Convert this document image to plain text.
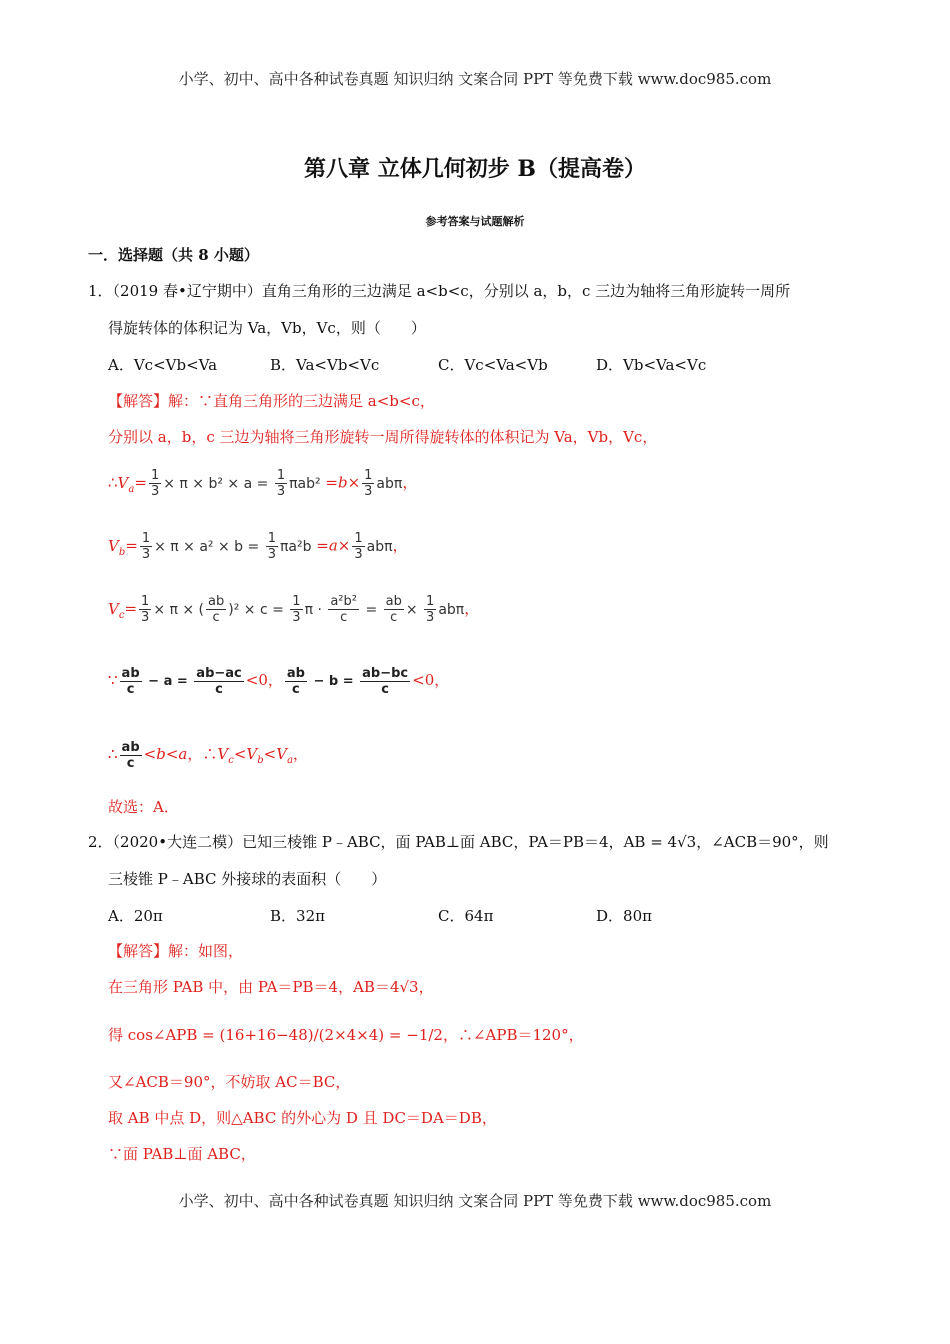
小学、初中、高中各种试卷真题 知识归纳 文案合同 PPT 等免费下载 www.doc985.com
第八章 立体几何初步 B（提高卷）
参考答案与试题解析
一．选择题（共 8 小题）
1．（2019 春•辽宁期中）直角三角形的三边满足 a<b<c，分别以 a，b，c 三边为轴将三角形旋转一周所
得旋转体的体积记为 Va，Vb，Vc，则（　　）
A．Vc<Vb<Va	B．Va<Vb<Vc	C．Vc<Va<Vb	D．Vb<Va<Vc
【解答】解：∵直角三角形的三边满足 a<b<c，
分别以 a，b，c 三边为轴将三角形旋转一周所得旋转体的体积记为 Va，Vb，Vc，
$\therefore V_a= \frac{1}{3} \times \pi \times b^2 \times a = \frac{1}{3} \pi ab^2 =b\times \frac{1}{3}$ abπ，
$V_b= \frac{1}{3} \times \pi \times a^2 \times b = \frac{1}{3} \pi a^2b =a\times \frac{1}{3}$ abπ，
$V_c= \frac{1}{3} \times \pi$ × ( $\frac{ab}{c} )^2 \times c = \frac{1}{3}$ $\pi \cdot \frac{\text{a²b²}}{c} = \frac{ab}{c} \times \frac{1}{3}$ abπ，
∵ $\frac{ab}{c} - a = \frac{ab-ac}{c} <0$， $\frac{ab}{c} - b = \frac{ab-bc}{c} <0$，
∴ $\frac{ab}{c} <b<a$，$\therefore V_c<V_b<V_a$，
故选：A．
2．（2020•大连二模）已知三棱锥 P﹣ABC，面 PAB⊥面 ABC，PA＝PB＝4，AB = 4√3，∠ACB＝90°，则
三棱锥 P﹣ABC 外接球的表面积（　　）
A．20π	B．32π	C．64π	D．80π
【解答】解：如图，
在三角形 PAB 中，由 PA＝PB＝4，AB＝4√3，
得 cos∠APB = (16+16−48)/(2×4×4) = −1/2，∴∠APB＝120°，
又∠ACB＝90°，不妨取 AC＝BC，
取 AB 中点 D，则△ABC 的外心为 D 且 DC＝DA＝DB，
∵面 PAB⊥面 ABC，
小学、初中、高中各种试卷真题 知识归纳 文案合同 PPT 等免费下载 www.doc985.com
